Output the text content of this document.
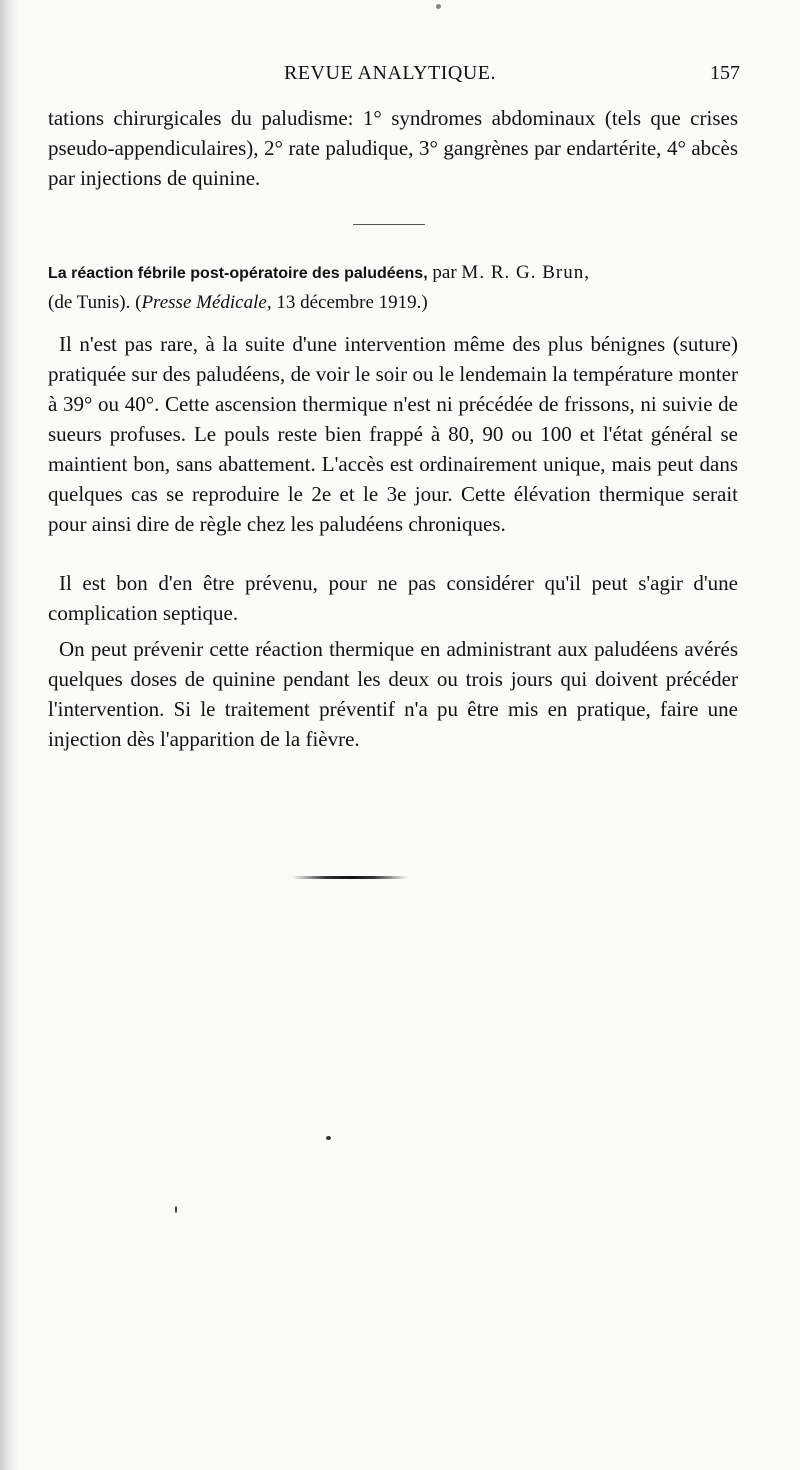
REVUE ANALYTIQUE.	157

tations chirurgicales du paludisme: 1° syndromes abdominaux (tels que crises pseudo-appendiculaires), 2° rate paludique, 3° gangrènes par endartérite, 4° abcès par injections de quinine.

La réaction fébrile post-opératoire des paludéens, par M. R. G. Brun,
(de Tunis). (Presse Médicale, 13 décembre 1919.)

Il n'est pas rare, à la suite d'une intervention même des plus bénignes (suture) pratiquée sur des paludéens, de voir le soir ou le lendemain la température monter à 39° ou 40°. Cette ascension thermique n'est ni précédée de frissons, ni suivie de sueurs profuses. Le pouls reste bien frappé à 80, 90 ou 100 et l'état général se maintient bon, sans abattement. L'accès est ordinairement unique, mais peut dans quelques cas se reproduire le 2e et le 3e jour. Cette élévation thermique serait pour ainsi dire de règle chez les paludéens chroniques.

Il est bon d'en être prévenu, pour ne pas considérer qu'il peut s'agir d'une complication septique.

On peut prévenir cette réaction thermique en administrant aux paludéens avérés quelques doses de quinine pendant les deux ou trois jours qui doivent précéder l'intervention. Si le traitement préventif n'a pu être mis en pratique, faire une injection dès l'apparition de la fièvre.
